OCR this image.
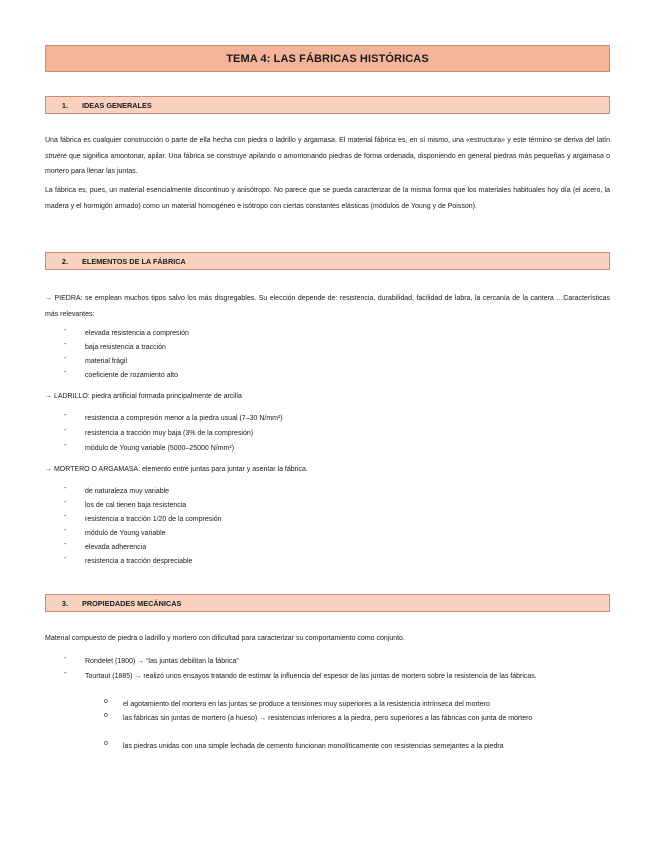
TEMA 4: LAS FÁBRICAS HISTÓRICAS
1.	IDEAS GENERALES

Una fábrica es cualquier construcción o parte de ella hecha con piedra o ladrillo y argamasa. El material fábrica es, en sí mismo, una «estructura» y este término se deriva del latín struere que significa amontonar, apilar. Una fábrica se construye apilando o amontonando piedras de forma ordenada, disponiendo en general piedras más pequeñas y argamasa o mortero para llenar las juntas.

La fábrica es, pues, un material esencialmente discontinuo y anisótropo. No parece que se pueda caracterizar de la misma forma que los materiales habituales hoy día (el acero, la madera y el hormigón armado) como un material homogéneo e isótropo con ciertas constantes elásticas (módulos de Young y de Poisson).

2.	ELEMENTOS DE LA FÁBRICA

→ PIEDRA: se emplean muchos tipos salvo los más disgregables. Su elección depende de: resistencia, durabilidad, facilidad de labra, la cercanía de la cantera …Características más relevantes:

-	elevada resistencia a compresión
-	baja resistencia a tracción
-	material frágil
-	coeficiente de rozamiento alto
→ LADRILLO: piedra artificial formada principalmente de arcilla
-	resistencia a compresión menor a la piedra usual (7–30 N/mm²)
-	resistencia a tracción muy baja (3% de la compresión)
-	módulo de Young variable (5000–25000 N/mm²)
→ MORTERO O ARGAMASA: elemento entre juntas para juntar y asentar la fábrica.
-	de naturaleza muy variable
-	los de cal tienen baja resistencia
-	resistencia a tracción 1/20 de la compresión
-	módulo de Young variable
-	elevada adherencia
-	resistencia a tracción despreciable
3.	PROPIEDADES MECÁNICAS
Material compuesto de piedra o ladrillo y mortero con dificultad para caracterizar su comportamiento como conjunto.
-	Rondelet (1800) → “las juntas debilitan la fábrica”
-	Tourtaut (1885) → realizó unos ensayos tratando de estimar la influencia del espesor de las juntas de mortero sobre la resistencia de las fábricas.
o el agotamiento del mortero en las juntas se produce a tensiones muy superiores a la resistencia intrínseca del mortero
o las fábricas sin juntas de mortero (a hueso) → resistencias inferiores a la piedra, pero superiores a las fábricas con junta de mortero
o las piedras unidas con una simple lechada de cemento funcionan monolíticamente con resistencias semejantes a la piedra
